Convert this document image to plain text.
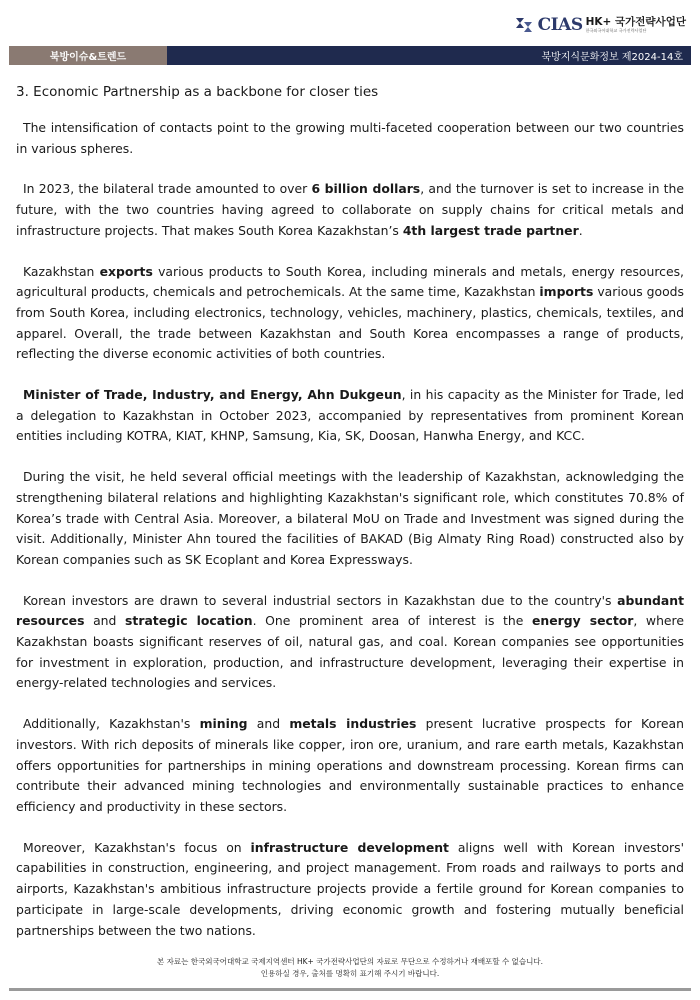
CIAS HK+ 국가전략사업단
한국외국어대학교 국가전략사업단
북방이슈&트렌드	북방지식문화정보 제2024-14호
3. Economic Partnership as a backbone for closer ties

The intensification of contacts point to the growing multi-faceted cooperation between our two countries in various spheres.

In 2023, the bilateral trade amounted to over 6 billion dollars, and the turnover is set to increase in the future, with the two countries having agreed to collaborate on supply chains for critical metals and infrastructure projects. That makes South Korea Kazakhstan’s 4th largest trade partner.

Kazakhstan exports various products to South Korea, including minerals and metals, energy resources, agricultural products, chemicals and petrochemicals. At the same time, Kazakhstan imports various goods from South Korea, including electronics, technology, vehicles, machinery, plastics, chemicals, textiles, and apparel. Overall, the trade between Kazakhstan and South Korea encompasses a range of products, reflecting the diverse economic activities of both countries.

Minister of Trade, Industry, and Energy, Ahn Dukgeun, in his capacity as the Minister for Trade, led a delegation to Kazakhstan in October 2023, accompanied by representatives from prominent Korean entities including KOTRA, KIAT, KHNP, Samsung, Kia, SK, Doosan, Hanwha Energy, and KCC.

During the visit, he held several official meetings with the leadership of Kazakhstan, acknowledging the strengthening bilateral relations and highlighting Kazakhstan's significant role, which constitutes 70.8% of Korea’s trade with Central Asia. Moreover, a bilateral MoU on Trade and Investment was signed during the visit. Additionally, Minister Ahn toured the facilities of BAKAD (Big Almaty Ring Road) constructed also by Korean companies such as SK Ecoplant and Korea Expressways.

Korean investors are drawn to several industrial sectors in Kazakhstan due to the country's abundant resources and strategic location. One prominent area of interest is the energy sector, where Kazakhstan boasts significant reserves of oil, natural gas, and coal. Korean companies see opportunities for investment in exploration, production, and infrastructure development, leveraging their expertise in energy-related technologies and services.

Additionally, Kazakhstan's mining and metals industries present lucrative prospects for Korean investors. With rich deposits of minerals like copper, iron ore, uranium, and rare earth metals, Kazakhstan offers opportunities for partnerships in mining operations and downstream processing. Korean firms can contribute their advanced mining technologies and environmentally sustainable practices to enhance efficiency and productivity in these sectors.

Moreover, Kazakhstan's focus on infrastructure development aligns well with Korean investors' capabilities in construction, engineering, and project management. From roads and railways to ports and airports, Kazakhstan's ambitious infrastructure projects provide a fertile ground for Korean companies to participate in large-scale developments, driving economic growth and fostering mutually beneficial partnerships between the two nations.

본 자료는 한국외국어대학교 국제지역센터 HK+ 국가전략사업단의 자료로 무단으로 수정하거나 재배포할 수 없습니다.
인용하실 경우, 출처를 명확히 표기해 주시기 바랍니다.
